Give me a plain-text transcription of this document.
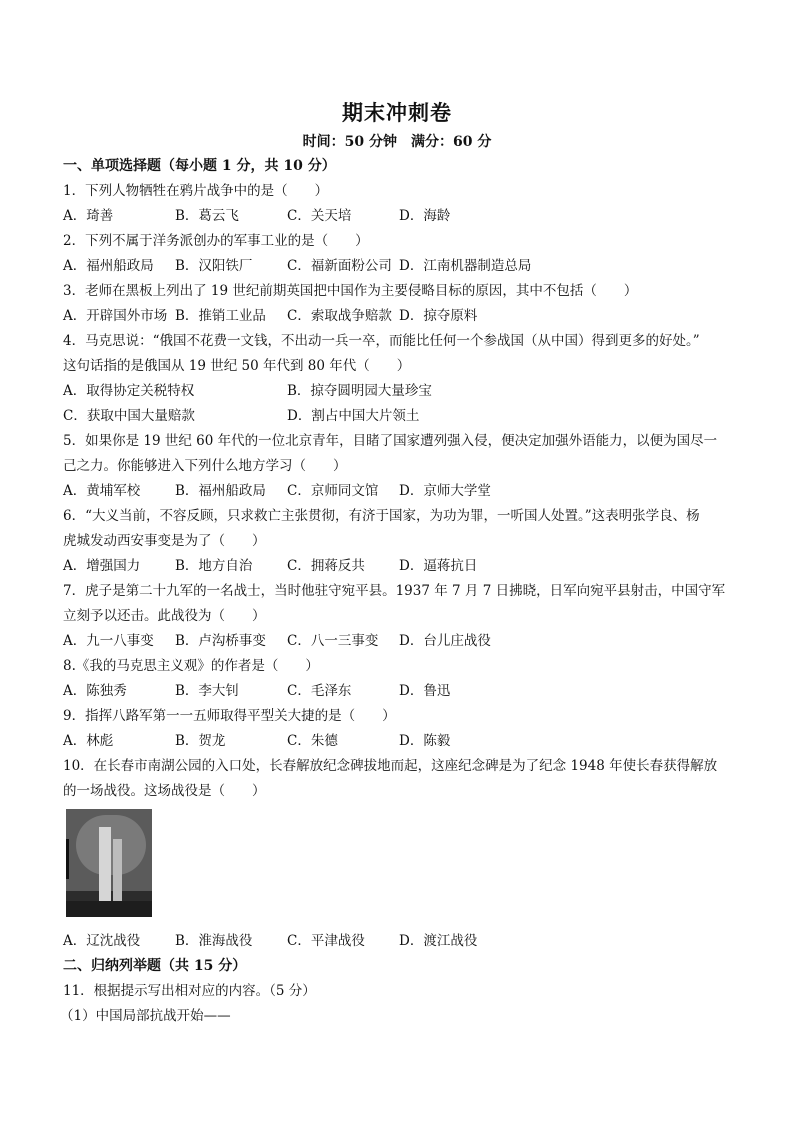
期末冲刺卷
时间：50 分钟　满分：60 分
一、单项选择题（每小题 1 分，共 10 分）
1．下列人物牺牲在鸦片战争中的是（　　）
A．琦善	B．葛云飞	C．关天培	D．海龄
2．下列不属于洋务派创办的军事工业的是（　　）
A．福州船政局 B．汉阳铁厂	C．福新面粉公司 D．江南机器制造总局
3．老师在黑板上列出了 19 世纪前期英国把中国作为主要侵略目标的原因，其中不包括（　　）
A．开辟国外市场 B．推销工业品 C．索取战争赔款 D．掠夺原料
4．马克思说：“俄国不花费一文钱，不出动一兵一卒，而能比任何一个参战国（从中国）得到更多的好处。”
这句话指的是俄国从 19 世纪 50 年代到 80 年代（　　）
A．取得协定关税特权	B．掠夺圆明园大量珍宝
C．获取中国大量赔款	D．割占中国大片领土
5．如果你是 19 世纪 60 年代的一位北京青年，目睹了国家遭列强入侵，便决定加强外语能力，以便为国尽一
己之力。你能够进入下列什么地方学习（　　）
A．黄埔军校	B．福州船政局 C．京师同文馆 D．京师大学堂
6．“大义当前，不容反顾，只求救亡主张贯彻，有济于国家，为功为罪，一听国人处置。”这表明张学良、杨
虎城发动西安事变是为了（　　）
A．增强国力	B．地方自治	C．拥蒋反共	D．逼蒋抗日
7．虎子是第二十九军的一名战士，当时他驻守宛平县。1937 年 7 月 7 日拂晓，日军向宛平县射击，中国守军
立刻予以还击。此战役为（　　）
A．九一八事变 B．卢沟桥事变 C．八一三事变 D．台儿庄战役
8.《我的马克思主义观》的作者是（　　）
A．陈独秀	B．李大钊	C．毛泽东	D．鲁迅
9．指挥八路军第一一五师取得平型关大捷的是（　　）
A．林彪	B．贺龙	C．朱德	D．陈毅
10．在长春市南湖公园的入口处，长春解放纪念碑拔地而起，这座纪念碑是为了纪念 1948 年使长春获得解放
的一场战役。这场战役是（　　）
A．辽沈战役	B．淮海战役	C．平津战役	D．渡江战役
二、归纳列举题（共 15 分）
11．根据提示写出相对应的内容。（5 分）
（1）中国局部抗战开始——
